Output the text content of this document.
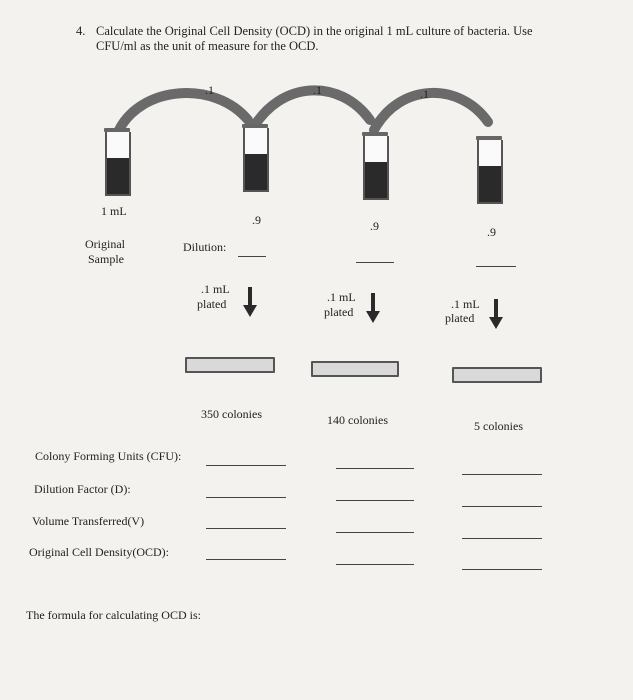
4. Calculate the Original Cell Density (OCD) in the original 1 mL culture of bacteria. Use CFU/ml as the unit of measure for the OCD.
.1	.1	.1
1 mL
Original
Sample
Dilution:
.9	.9	.9
.1 mL
plated	.1 mL
plated
.1 mL
plated
350 colonies	140 colonies	5 colonies
Colony Forming Units (CFU):
Dilution Factor (D):
Volume Transferred(V)
Original Cell Density(OCD):
The formula for calculating OCD is:
